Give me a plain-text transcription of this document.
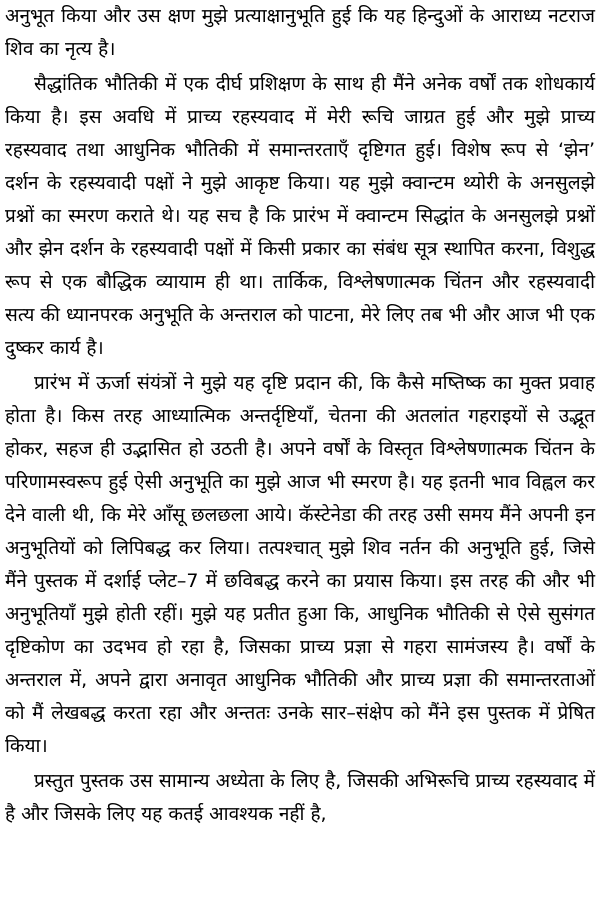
अनुभूत किया और उस क्षण मुझे प्रत्याक्षानुभूति हुई कि यह हिन्दुओं के आराध्य नटराज शिव का नृत्य है।

सैद्धांतिक भौतिकी में एक दीर्घ प्रशिक्षण के साथ ही मैंने अनेक वर्षों तक शोधकार्य किया है। इस अवधि में प्राच्य रहस्यवाद में मेरी रूचि जाग्रत हुई और मुझे प्राच्य रहस्यवाद तथा आधुनिक भौतिकी में समान्तरताएँ दृष्टिगत हुई। विशेष रूप से ‘झेन’ दर्शन के रहस्यवादी पक्षों ने मुझे आकृष्ट किया। यह मुझे क्वान्टम थ्योरी के अनसुलझे प्रश्नों का स्मरण कराते थे। यह सच है कि प्रारंभ में क्वान्टम सिद्धांत के अनसुलझे प्रश्नों और झेन दर्शन के रहस्यवादी पक्षों में किसी प्रकार का संबंध सूत्र स्थापित करना, विशुद्ध रूप से एक बौद्धिक व्यायाम ही था। तार्किक, विश्लेषणात्मक चिंतन और रहस्यवादी सत्य की ध्यानपरक अनुभूति के अन्तराल को पाटना, मेरे लिए तब भी और आज भी एक दुष्कर कार्य है।

प्रारंभ में ऊर्जा संयंत्रों ने मुझे यह दृष्टि प्रदान की, कि कैसे मष्तिष्क का मुक्त प्रवाह होता है। किस तरह आध्यात्मिक अन्तर्दृष्टियाँ, चेतना की अतलांत गहराइयों से उद्भूत होकर, सहज ही उद्भासित हो उठती है। अपने वर्षों के विस्तृत विश्लेषणात्मक चिंतन के परिणामस्वरूप हुई ऐसी अनुभूति का मुझे आज भी स्मरण है। यह इतनी भाव विह्वल कर देने वाली थी, कि मेरे आँसू छलछला आये। कॅस्टेनेडा की तरह उसी समय मैंने अपनी इन अनुभूतियों को लिपिबद्ध कर लिया। तत्पश्चात् मुझे शिव नर्तन की अनुभूति हुई, जिसे मैंने पुस्तक में दर्शाई प्लेट–7 में छविबद्ध करने का प्रयास किया। इस तरह की और भी अनुभूतियाँ मुझे होती रहीं। मुझे यह प्रतीत हुआ कि, आधुनिक भौतिकी से ऐसे सुसंगत दृष्टिकोण का उदभव हो रहा है, जिसका प्राच्य प्रज्ञा से गहरा सामंजस्य है। वर्षों के अन्तराल में, अपने द्वारा अनावृत आधुनिक भौतिकी और प्राच्य प्रज्ञा की समान्तरताओं को मैं लेखबद्ध करता रहा और अन्ततः उनके सार–संक्षेप को मैंने इस पुस्तक में प्रेषित किया।

प्रस्तुत पुस्तक उस सामान्य अध्येता के लिए है, जिसकी अभिरूचि प्राच्य रहस्यवाद में है और जिसके लिए यह कतई आवश्यक नहीं है,
